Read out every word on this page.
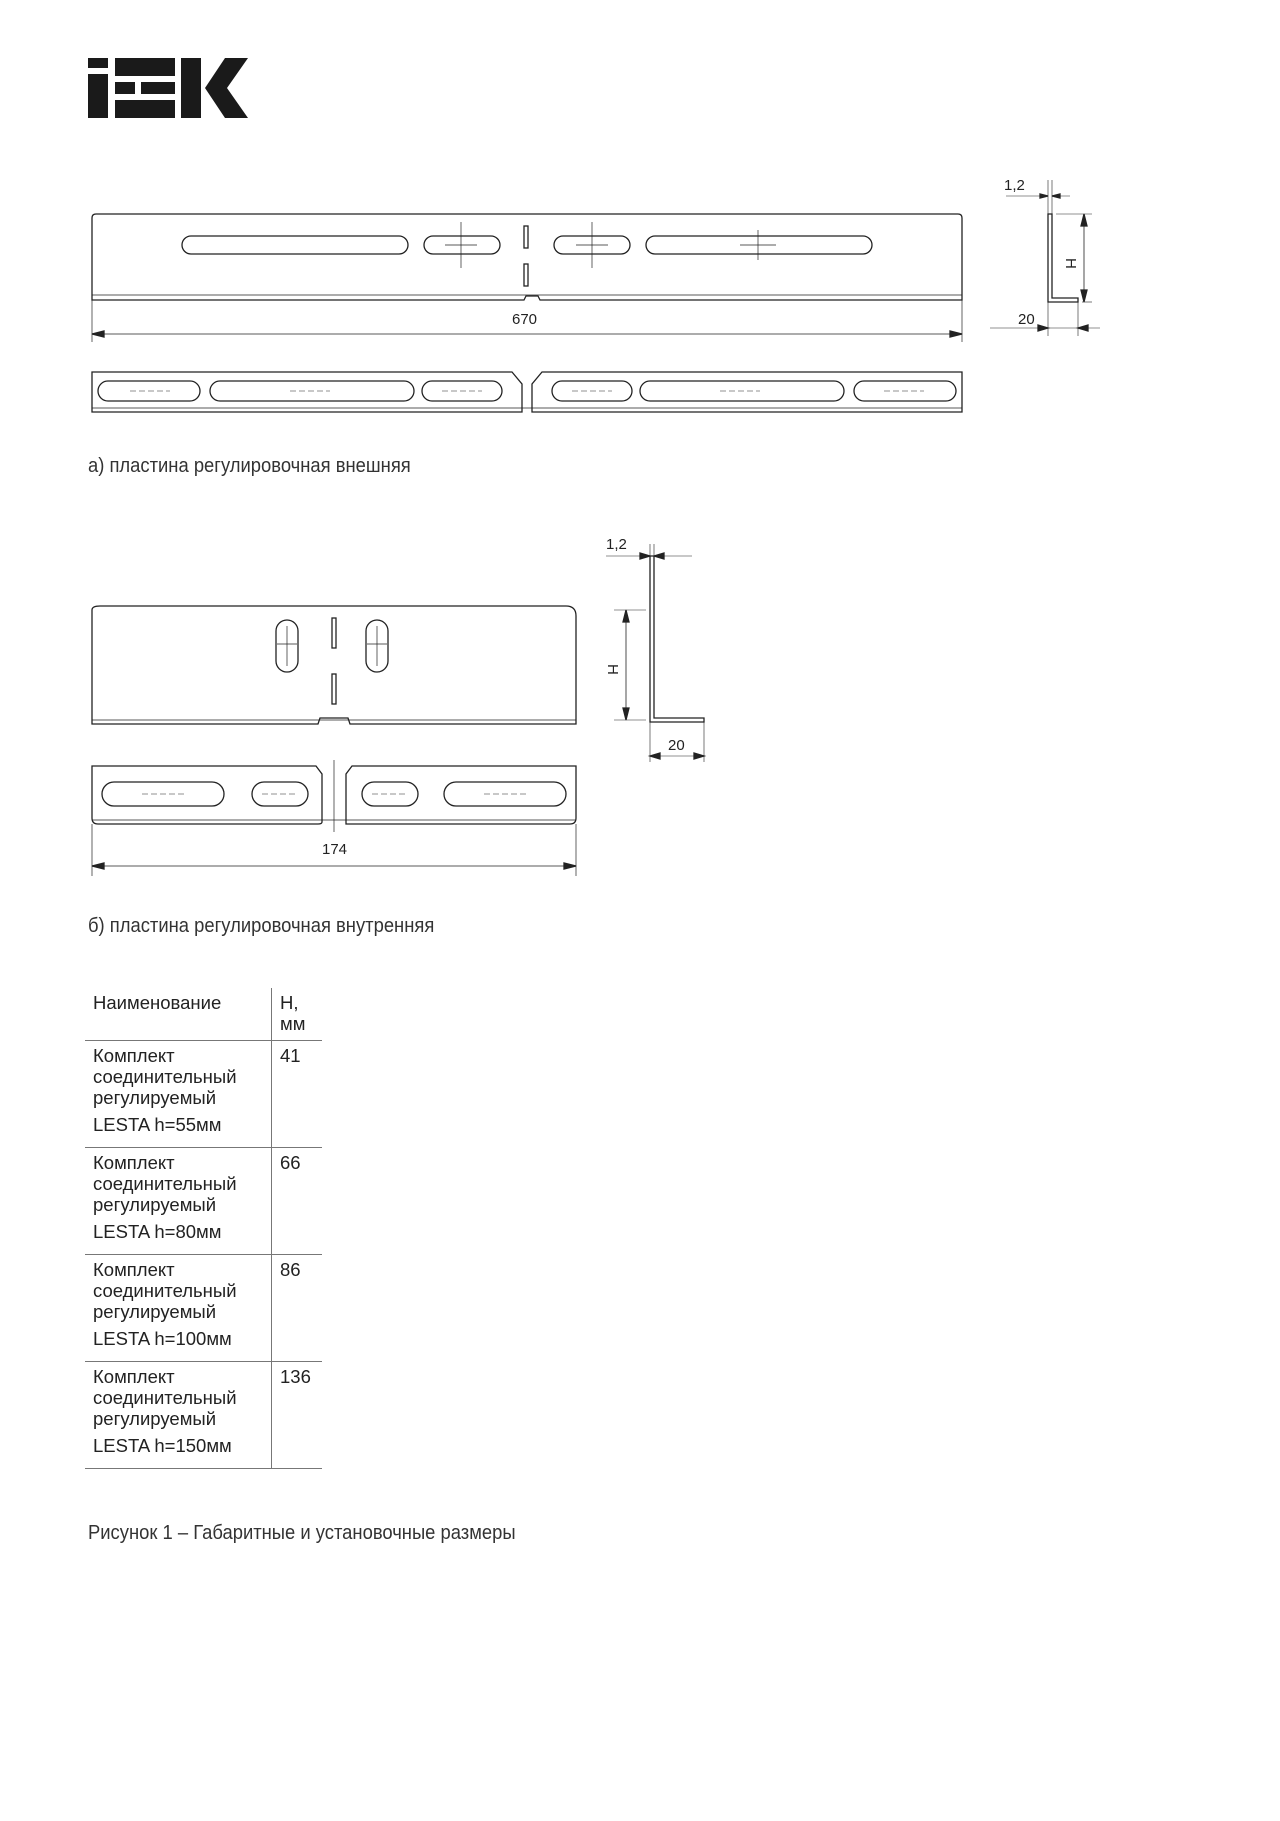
670
1,2
H
20
а) пластина регулировочная внешняя
174
1,2
H
20
б) пластина регулировочная внутренняя
Наименование	H, мм
Комплект соединительный регулируемый
LESTA h=55мм	41
Комплект соединительный регулируемый
LESTA h=80мм	66
Комплект соединительный регулируемый
LESTA h=100мм	86
Комплект соединительный регулируемый
LESTA h=150мм	136
Рисунок 1 – Габаритные и установочные размеры
